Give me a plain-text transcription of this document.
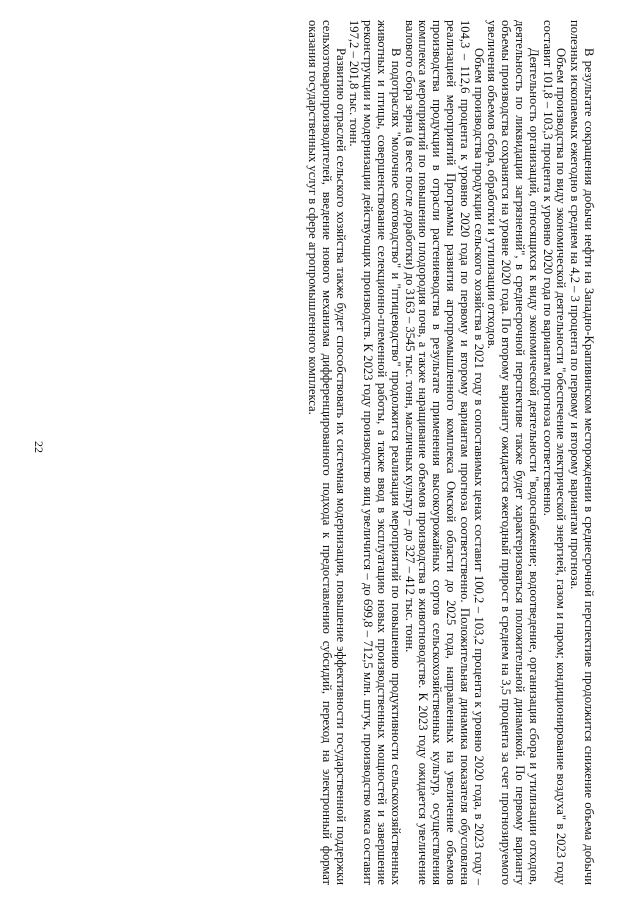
22	В результате сокращения добычи нефти на Западно-Крапивинском месторождении в среднесрочной перспективе продолжится снижение объема добычи полезных ископаемых ежегодно в среднем на 4,2 – 3 процента по первому и второму вариантам прогноза.

Объем производства по виду экономической деятельности "обеспечение электрической энергией, газом и паром; кондиционирование воздуха" в 2023 году составит 101,8 – 103,3 процента к уровню 2020 года по вариантам прогноза соответственно.

Деятельность организаций, относящихся к виду экономической деятельности "водоснабжение; водоотведение, организация сбора и утилизации отходов, деятельность по ликвидации загрязнений", в среднесрочной перспективе также будет характеризоваться положительной динамикой. По первому варианту объемы производства сохранятся на уровне 2020 года. По второму варианту ожидается ежегодный прирост в среднем на 3,5 процента за счет прогнозируемого увеличения объемов сбора, обработки и утилизации отходов.

Объем производства продукции сельского хозяйства в 2021 году в сопоставимых ценах составит 100,2 – 103,2 процента к уровню 2020 года, в 2023 году – 104,3 – 112,6 процента к уровню 2020 года по первому и второму вариантам прогноза соответственно. Положительная динамика показателя обусловлена реализацией мероприятий Программы развития агропромышленного комплекса Омской области до 2025 года, направленных на увеличение объемов производства продукции в отрасли растениеводства в результате применения высокоурожайных сортов сельскохозяйственных культур, осуществления комплекса мероприятий по повышению плодородия почв, а также наращивание объемов производства в животноводстве. К 2023 году ожидается увеличение валового сбора зерна (в весе после доработки) до 3163 – 3545 тыс. тонн, масличных культур – до 327 – 412 тыс. тонн.

В подотраслях "молочное скотоводство" и "птицеводство" продолжится реализация мероприятий по повышению продуктивности сельскохозяйственных животных и птицы, совершенствование селекционно-племенной работы, а также ввод в эксплуатацию новых производственных мощностей и завершение реконструкции и модернизации действующих производств. К 2023 году производство яиц увеличится – до 699,8 – 712,5 млн. штук, производство мяса составит 197,2 – 201,8 тыс. тонн.

Развитию отраслей сельского хозяйства также будет способствовать их системная модернизация, повышение эффективности государственной поддержки сельхозтоваропроизводителей, введение нового механизма дифференцированного подхода к предоставлению субсидий, переход на электронный формат оказания государственных услуг в сфере агропромышленного комплекса.
